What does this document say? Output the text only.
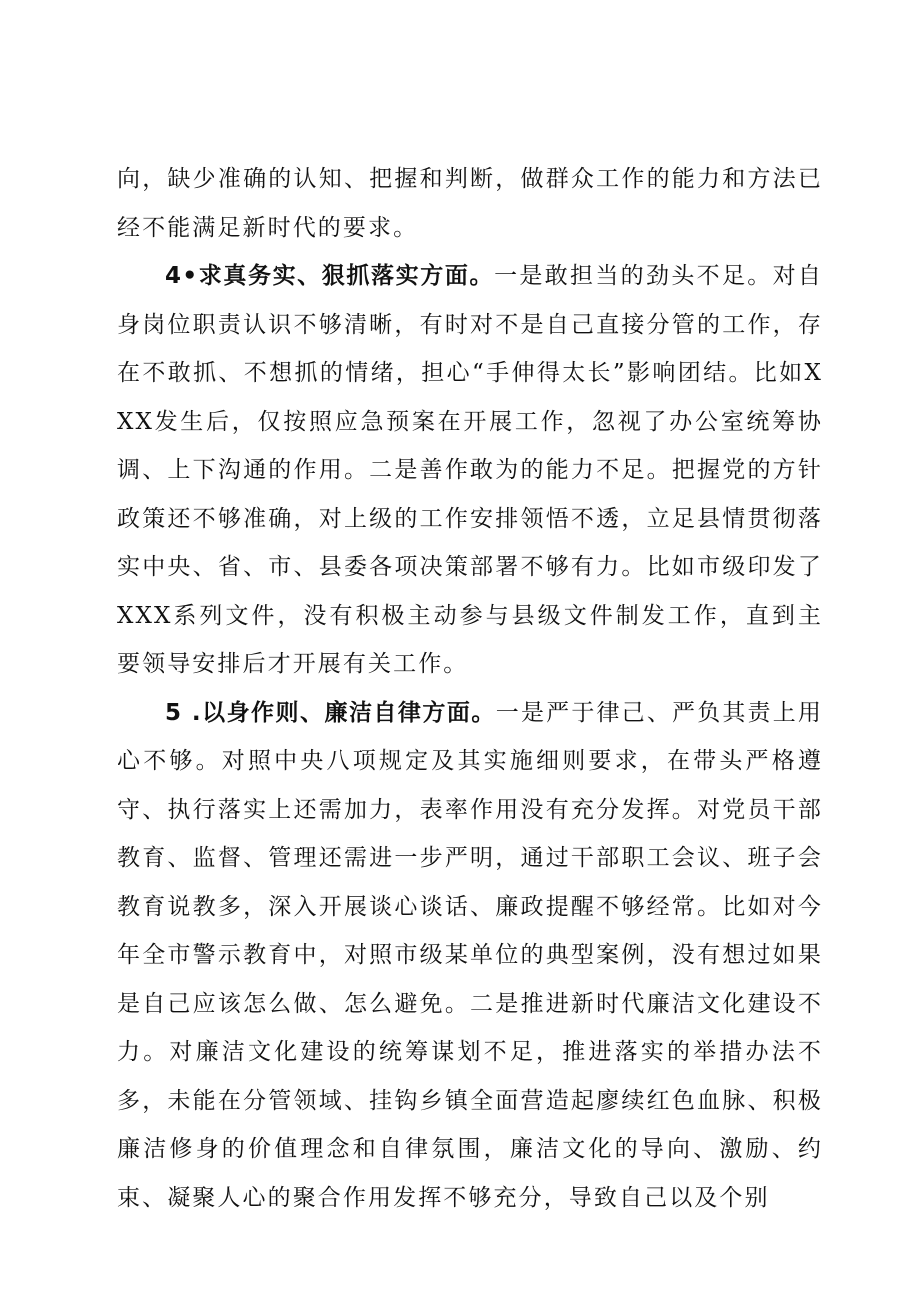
向，缺少准确的认知、把握和判断，做群众工作的能力和方法已经不能满足新时代的要求。

4•求真务实、狠抓落实方面。一是敢担当的劲头不足。对自身岗位职责认识不够清晰，有时对不是自己直接分管的工作，存在不敢抓、不想抓的情绪，担心“手伸得太长”影响团结。比如XXX发生后，仅按照应急预案在开展工作，忽视了办公室统筹协调、上下沟通的作用。二是善作敢为的能力不足。把握党的方针政策还不够准确，对上级的工作安排领悟不透，立足县情贯彻落实中央、省、市、县委各项决策部署不够有力。比如市级印发了XXX系列文件，没有积极主动参与县级文件制发工作，直到主要领导安排后才开展有关工作。

5 .以身作则、廉洁自律方面。一是严于律己、严负其责上用心不够。对照中央八项规定及其实施细则要求，在带头严格遵守、执行落实上还需加力，表率作用没有充分发挥。对党员干部教育、监督、管理还需进一步严明，通过干部职工会议、班子会教育说教多，深入开展谈心谈话、廉政提醒不够经常。比如对今年全市警示教育中，对照市级某单位的典型案例，没有想过如果是自己应该怎么做、怎么避免。二是推进新时代廉洁文化建设不力。对廉洁文化建设的统筹谋划不足，推进落实的举措办法不多，未能在分管领域、挂钩乡镇全面营造起廖续红色血脉、积极廉洁修身的价值理念和自律氛围，廉洁文化的导向、激励、约束、凝聚人心的聚合作用发挥不够充分，导致自己以及个别
